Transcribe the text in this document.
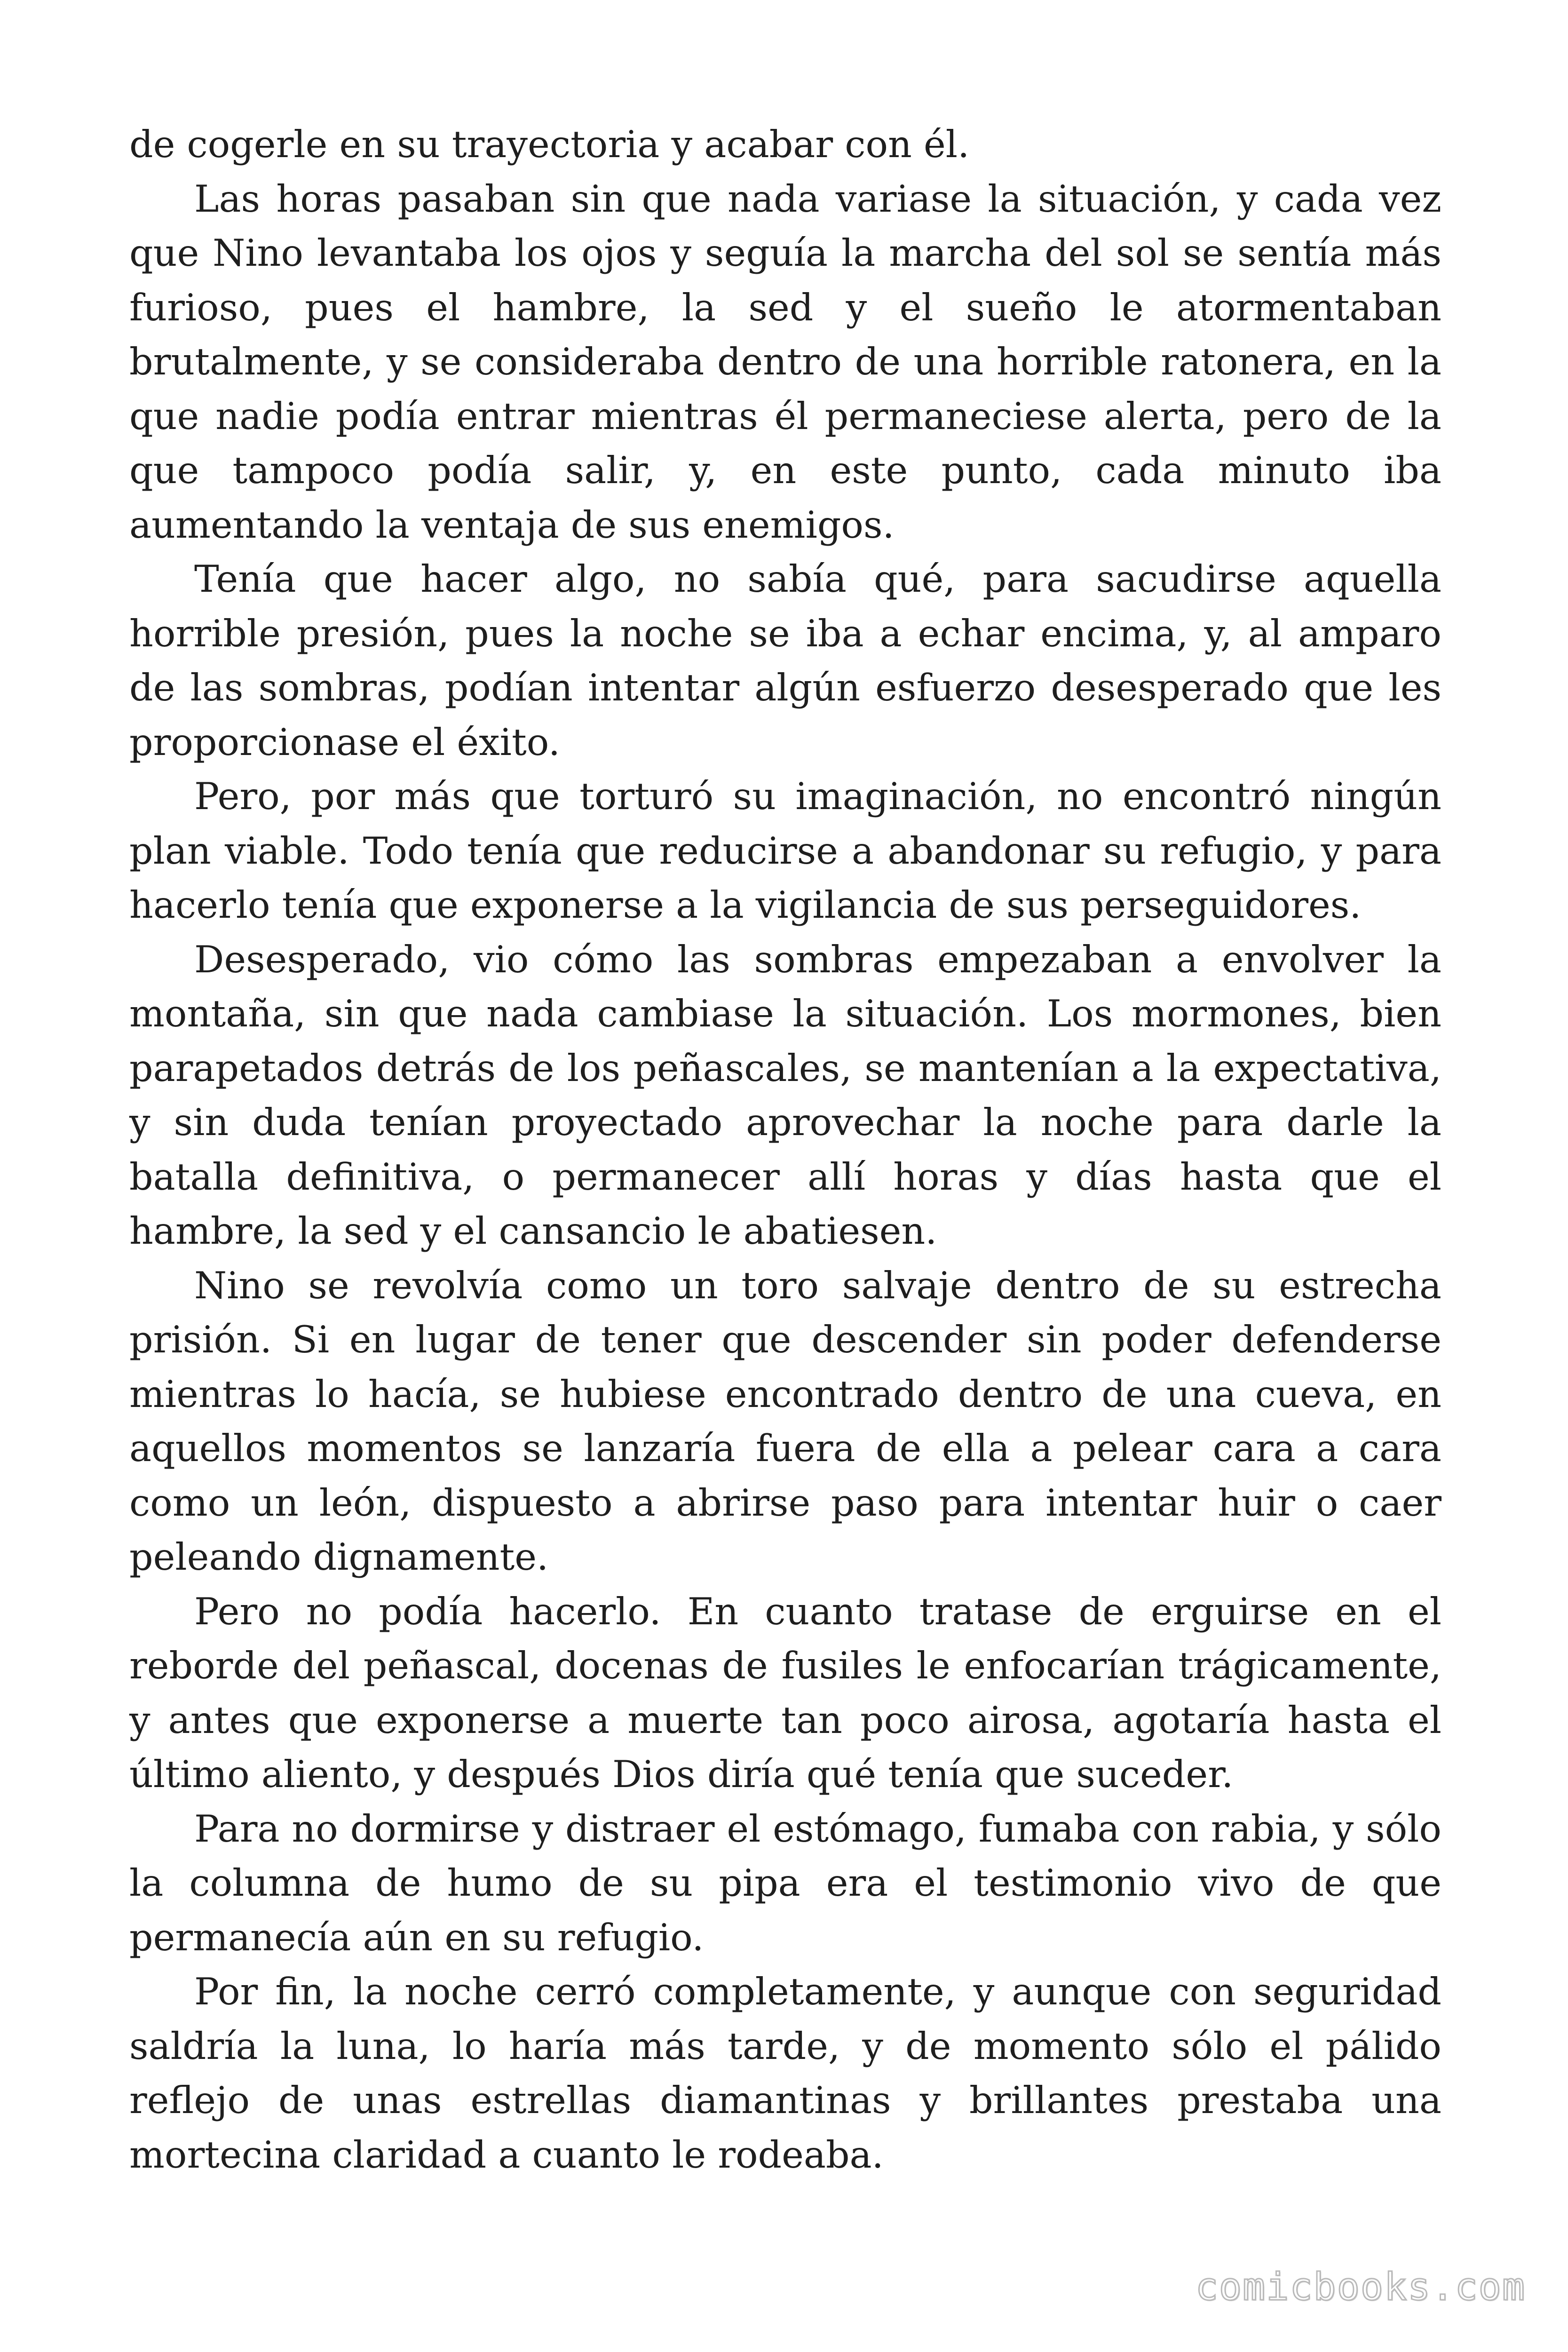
de cogerle en su trayectoria y acabar con él.

Las horas pasaban sin que nada variase la situación, y cada vez que Nino levantaba los ojos y seguía la marcha del sol se sentía más furioso, pues el hambre, la sed y el sueño le atormentaban brutalmente, y se consideraba dentro de una horrible ratonera, en la que nadie podía entrar mientras él permaneciese alerta, pero de la que tampoco podía salir, y, en este punto, cada minuto iba aumentando la ventaja de sus enemigos.

Tenía que hacer algo, no sabía qué, para sacudirse aquella horrible presión, pues la noche se iba a echar encima, y, al amparo de las sombras, podían intentar algún esfuerzo desesperado que les proporcionase el éxito.

Pero, por más que torturó su imaginación, no encontró ningún plan viable. Todo tenía que reducirse a abandonar su refugio, y para hacerlo tenía que exponerse a la vigilancia de sus perseguidores.

Desesperado, vio cómo las sombras empezaban a envolver la montaña, sin que nada cambiase la situación. Los mormones, bien parapetados detrás de los peñascales, se mantenían a la expectativa, y sin duda tenían proyectado aprovechar la noche para darle la batalla definitiva, o permanecer allí horas y días hasta que el hambre, la sed y el cansancio le abatiesen.

Nino se revolvía como un toro salvaje dentro de su estrecha prisión. Si en lugar de tener que descender sin poder defenderse mientras lo hacía, se hubiese encontrado dentro de una cueva, en aquellos momentos se lanzaría fuera de ella a pelear cara a cara como un león, dispuesto a abrirse paso para intentar huir o caer peleando dignamente.

Pero no podía hacerlo. En cuanto tratase de erguirse en el reborde del peñascal, docenas de fusiles le enfocarían trágicamente, y antes que exponerse a muerte tan poco airosa, agotaría hasta el último aliento, y después Dios diría qué tenía que suceder.

Para no dormirse y distraer el estómago, fumaba con rabia, y sólo la columna de humo de su pipa era el testimonio vivo de que permanecía aún en su refugio.

Por fin, la noche cerró completamente, y aunque con seguridad saldría la luna, lo haría más tarde, y de momento sólo el pálido reflejo de unas estrellas diamantinas y brillantes prestaba una mortecina claridad a cuanto le rodeaba.

comicbooks.com
